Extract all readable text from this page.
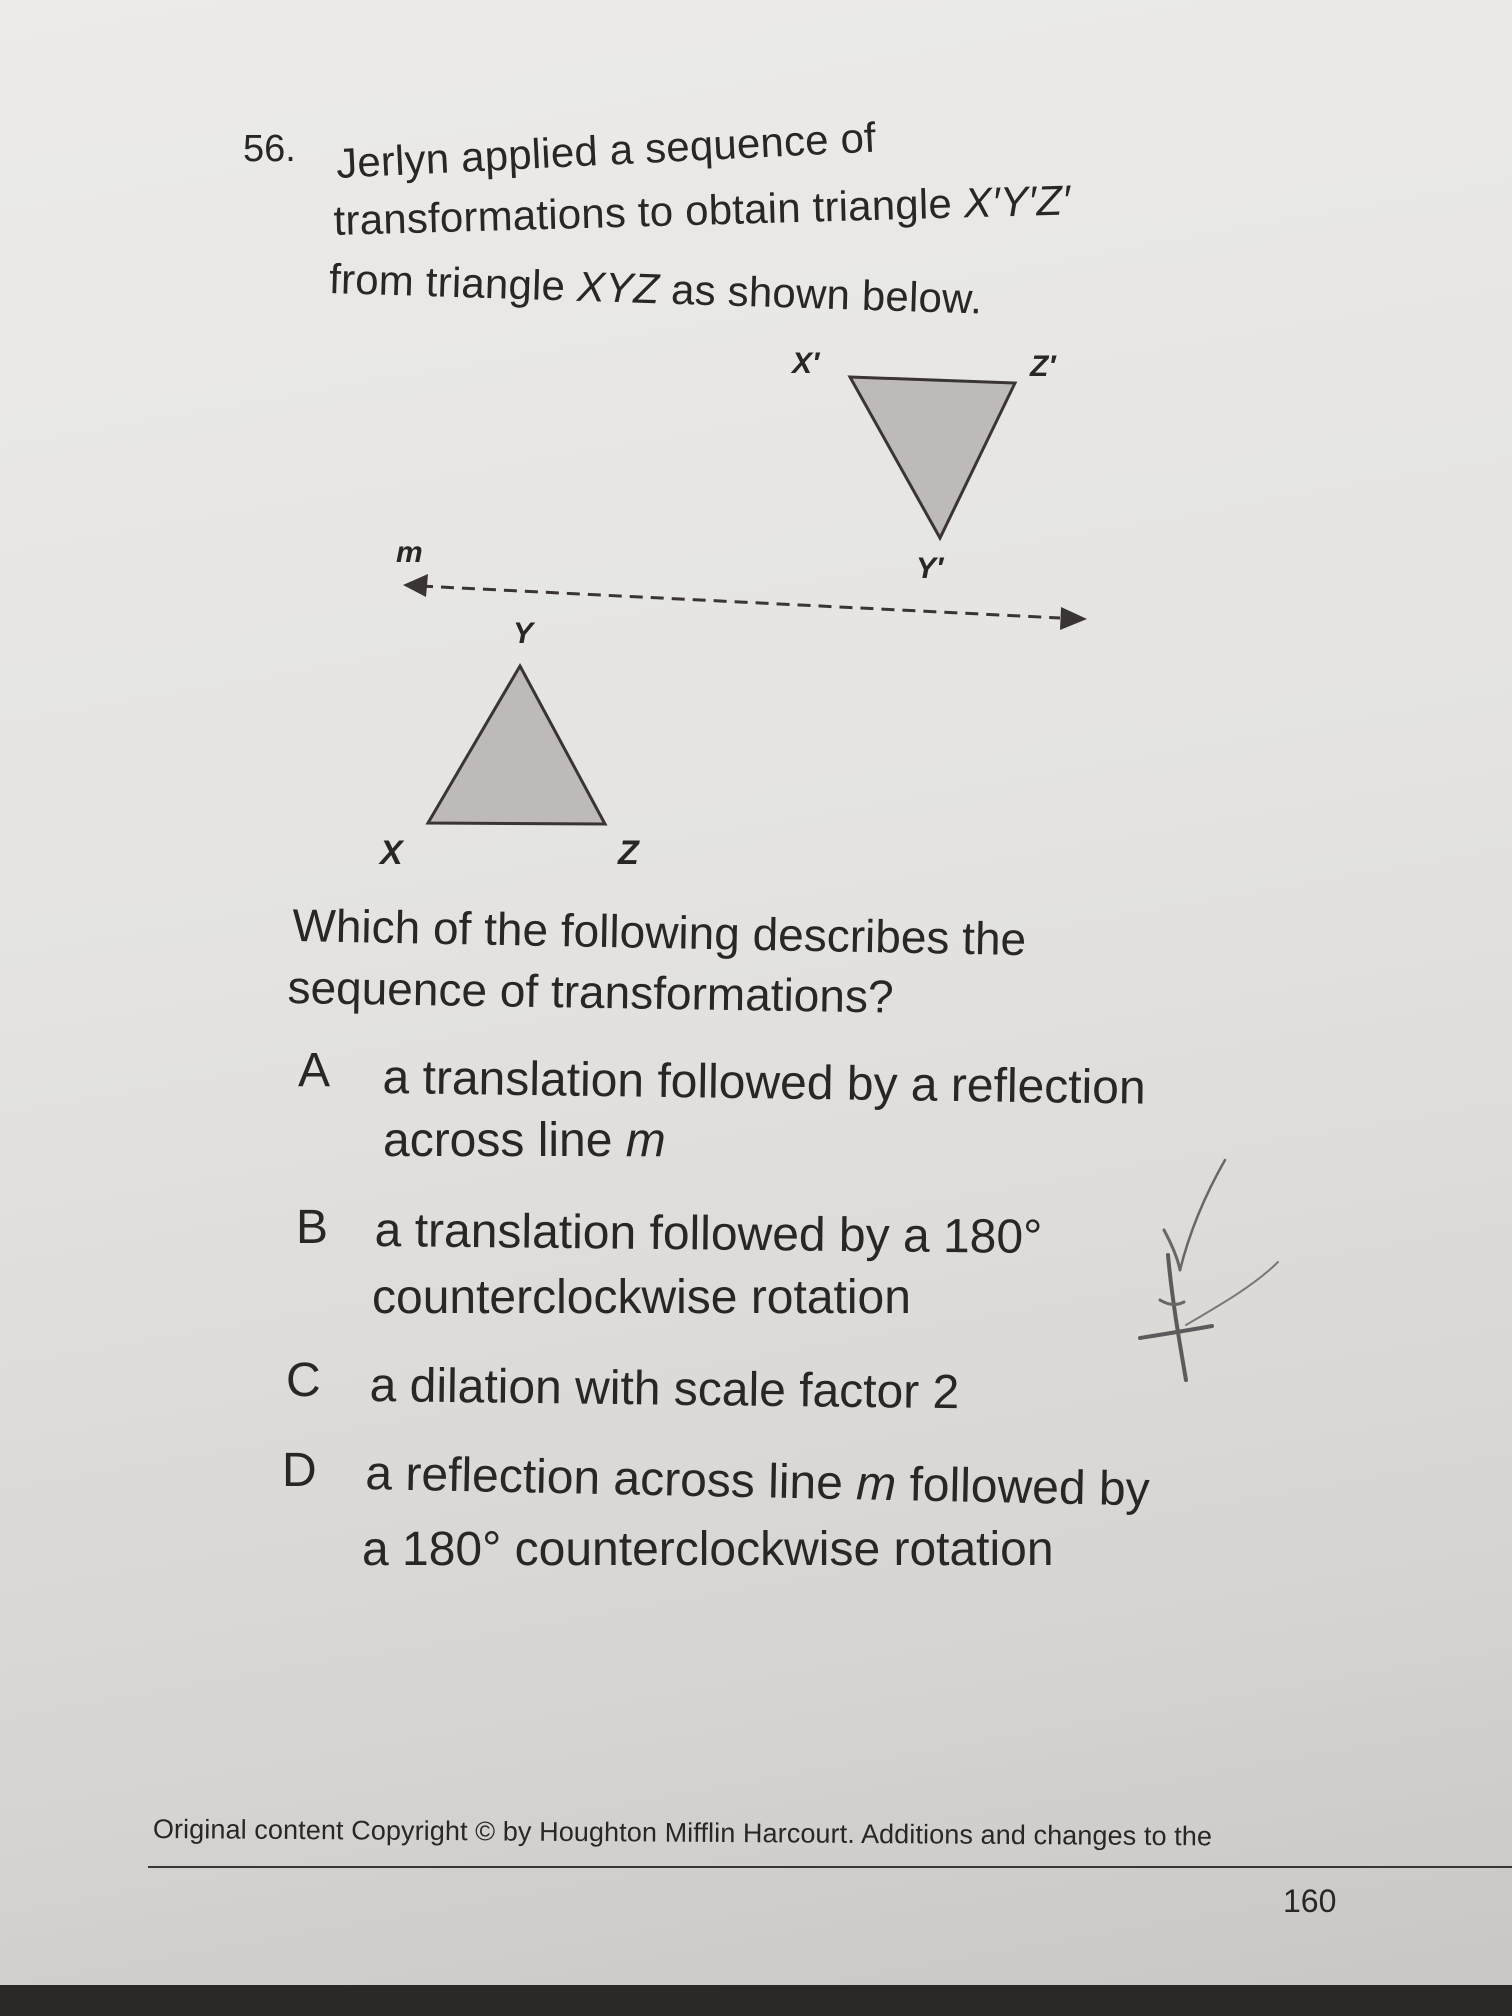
56. Jerlyn applied a sequence of
transformations to obtain triangle X′Y′Z′
from triangle XYZ as shown below.
X′	Z′
Y′
m
Y
X	Z
Which of the following describes the
sequence of transformations?
A a translation followed by a reflection
across line m
B a translation followed by a 180°
counterclockwise rotation
C a dilation with scale factor 2
D a reflection across line m followed by
a 180° counterclockwise rotation
Original content Copyright © by Houghton Mifflin Harcourt. Additions and changes to the
160
